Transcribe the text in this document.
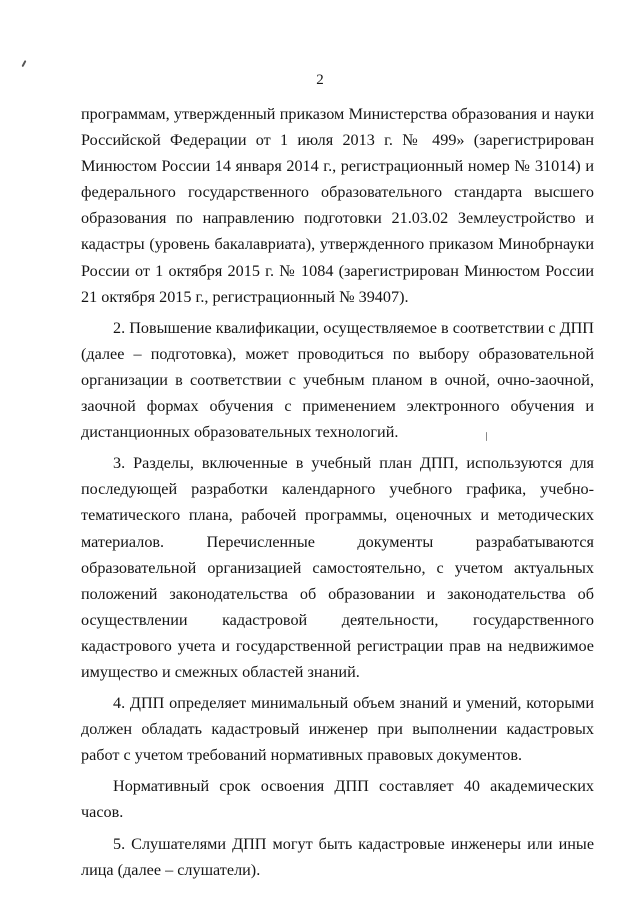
2

программам, утвержденный приказом Министерства образования и науки Российской Федерации от 1 июля 2013 г. № 499» (зарегистрирован Минюстом России 14 января 2014 г., регистрационный номер № 31014) и федерального государственного образовательного стандарта высшего образования по направлению подготовки 21.03.02 Землеустройство и кадастры (уровень бакалавриата), утвержденного приказом Минобрнауки России от 1 октября 2015 г. № 1084 (зарегистрирован Минюстом России 21 октября 2015 г., регистрационный № 39407).

2. Повышение квалификации, осуществляемое в соответствии с ДПП (далее – подготовка), может проводиться по выбору образовательной организации в соответствии с учебным планом в очной, очно-заочной, заочной формах обучения с применением электронного обучения и дистанционных образовательных технологий.

3. Разделы, включенные в учебный план ДПП, используются для последующей разработки календарного учебного графика, учебно-тематического плана, рабочей программы, оценочных и методических материалов. Перечисленные документы разрабатываются образовательной организацией самостоятельно, с учетом актуальных положений законодательства об образовании и законодательства об осуществлении кадастровой деятельности, государственного кадастрового учета и государственной регистрации прав на недвижимое имущество и смежных областей знаний.

4. ДПП определяет минимальный объем знаний и умений, которыми должен обладать кадастровый инженер при выполнении кадастровых работ с учетом требований нормативных правовых документов.

Нормативный срок освоения ДПП составляет 40 академических часов.

5. Слушателями ДПП могут быть кадастровые инженеры или иные лица (далее – слушатели).
